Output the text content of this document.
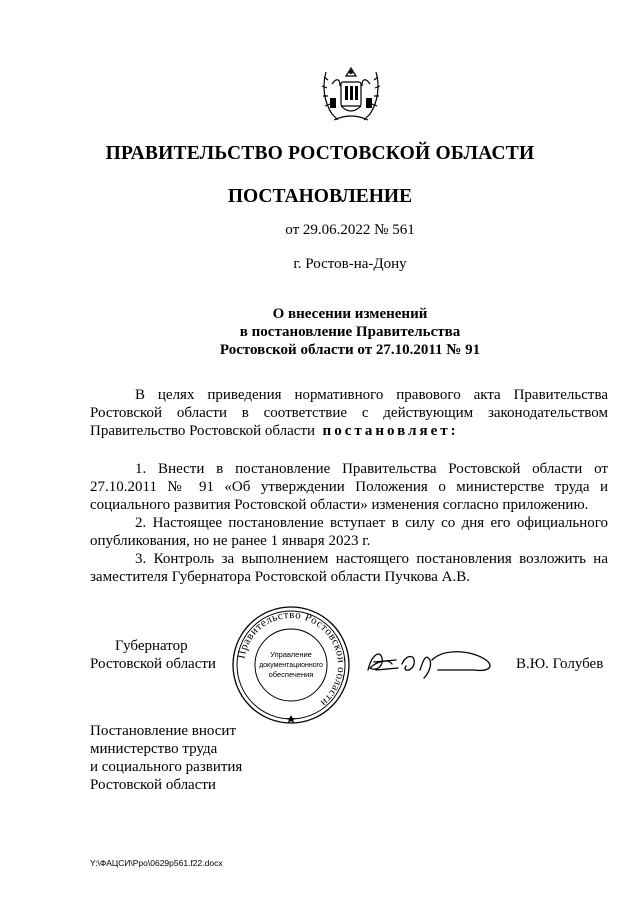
ПРАВИТЕЛЬСТВО РОСТОВСКОЙ ОБЛАСТИ
ПОСТАНОВЛЕНИЕ
от 29.06.2022 № 561
г. Ростов-на-Дону
О внесении изменений
в постановление Правительства
Ростовской области от 27.10.2011 № 91
В целях приведения нормативного правового акта Правительства Ростовской области в соответствие с действующим законодательством Правительство Ростовской области постановляет:
1. Внести в постановление Правительства Ростовской области от 27.10.2011 № 91 «Об утверждении Положения о министерстве труда и социального развития Ростовской области» изменения согласно приложению.
2. Настоящее постановление вступает в силу со дня его официального опубликования, но не ранее 1 января 2023 г.
3. Контроль за выполнением настоящего постановления возложить на заместителя Губернатора Ростовской области Пучкова А.В.
Губернатор
Ростовской области	В.Ю. Голубев
Правительство Ростовской области
Управление
документационного
обеспечения
Постановление вносит
министерство труда
и социального развития
Ростовской области
Y:\ФАЦСИ\Рро\0629р561.f22.docx
